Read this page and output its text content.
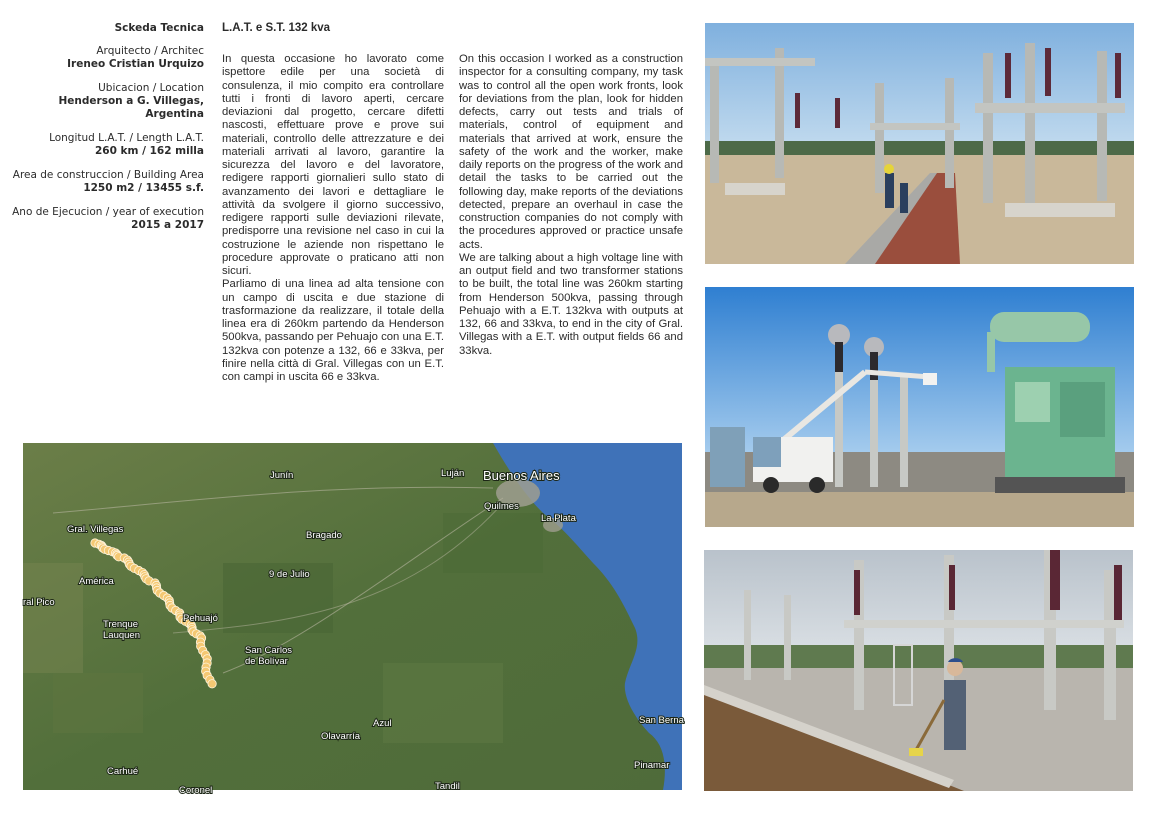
Sckeda Tecnica
Arquitecto / Architec
Ireneo Cristian Urquizo
Ubicacion / Location
Henderson a G. Villegas, Argentina
Longitud L.A.T. / Length L.A.T.
260 km / 162 milla
Area de construccion / Building Area
1250 m2 / 13455 s.f.
Ano de Ejecucion / year of execution
2015 a 2017
L.A.T. e S.T. 132 kva

In questa occasione ho lavorato come ispettore edile per una società di consulenza, il mio compito era controllare tutti i fronti di lavoro aperti, cercare deviazioni dal progetto, cercare difetti nascosti, effettuare prove e prove sui materiali, controllo delle attrezzature e dei materiali arrivati al lavoro, garantire la sicurezza del lavoro e del lavoratore, redigere rapporti giornalieri sullo stato di avanzamento dei lavori e dettagliare le attività da svolgere il giorno successivo, redigere rapporti sulle deviazioni rilevate, predisporre una revisione nel caso in cui la costruzione le aziende non rispettano le procedure approvate o praticano atti non sicuri.

Parliamo di una linea ad alta tensione con un campo di uscita e due stazione di trasformazione da realizzare, il totale della linea era di 260km partendo da Henderson 500kva, passando per Pehuajo con una E.T. 132kva con potenze a 132, 66 e 33kva, per finire nella città di Gral. Villegas con un E.T. con campi in uscita 66 e 33kva.

On this occasion I worked as a construction inspector for a consulting company, my task was to control all the open work fronts, look for deviations from the plan, look for hidden defects, carry out tests and trials of materials, control of equipment and materials that arrived at work, ensure the safety of the work and the worker, make daily reports on the progress of the work and detail the tasks to be carried out the following day, make reports of the deviations detected, prepare an overhaul in case the construction companies do not comply with the procedures approved or practice unsafe acts.

We are talking about a high voltage line with an output field and two transformer stations to be built, the total line was 260km starting from Henderson 500kva, passing through Pehuajo with a E.T. 132kva with outputs at 132, 66 and 33kva, to end in the city of Gral. Villegas with a E.T. with output fields 66 and 33kva.

Junín	Luján Buenos Aires
Quilmes
La Plata
Bragado
Gral. Villegas
América
9 de Julio
ral Pico
Pehuajó
Trenque
Lauquen
San Carlos
de Bolívar
Azul
Olavarría
San Berna
Pinamar
Carhué
Tandil
Coronel
